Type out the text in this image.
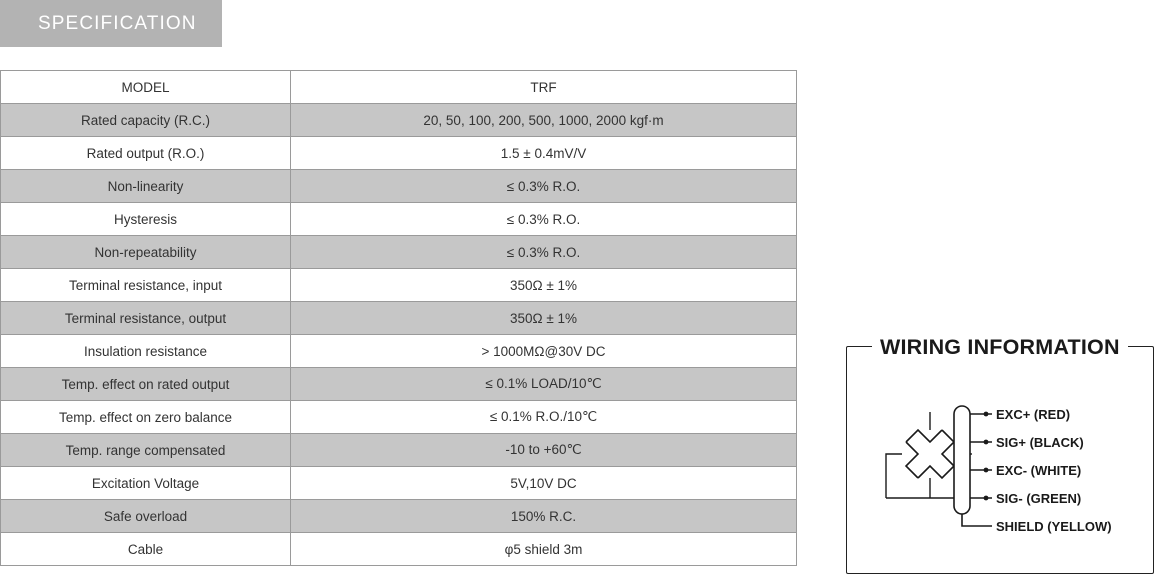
SPECIFICATION
MODEL	TRF
Rated capacity (R.C.)	20, 50, 100, 200, 500, 1000, 2000 kgf·m
Rated output (R.O.)	1.5 ± 0.4mV/V
Non-linearity	≤ 0.3% R.O.
Hysteresis	≤ 0.3% R.O.
Non-repeatability	≤ 0.3% R.O.
Terminal resistance, input	350Ω ± 1%
Terminal resistance, output	350Ω ± 1%
Insulation resistance	> 1000MΩ@30V DC
Temp. effect on rated output	≤ 0.1% LOAD/10℃
Temp. effect on zero balance	≤ 0.1% R.O./10℃
Temp. range compensated	-10 to +60℃
Excitation Voltage	5V,10V DC
Safe overload	150% R.C.
Cable	φ5 shield 3m
WIRING INFORMATION
EXC+ (RED)
SIG+ (BLACK)
EXC- (WHITE)
SIG- (GREEN)
SHIELD (YELLOW)
